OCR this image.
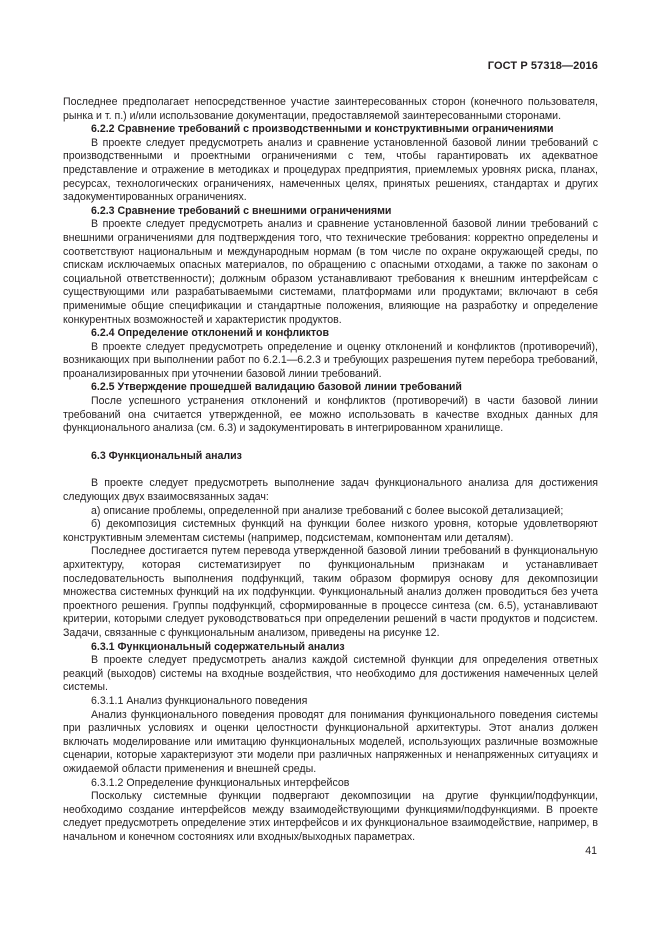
ГОСТ Р 57318—2016

Последнее предполагает непосредственное участие заинтересованных сторон (конечного пользователя, рынка и т. п.) и/или использование документации, предоставляемой заинтересованными сторонами.

6.2.2 Сравнение требований с производственными и конструктивными ограничениями

В проекте следует предусмотреть анализ и сравнение установленной базовой линии требований с производственными и проектными ограничениями с тем, чтобы гарантировать их адекватное представление и отражение в методиках и процедурах предприятия, приемлемых уровнях риска, планах, ресурсах, технологических ограничениях, намеченных целях, принятых решениях, стандартах и других задокументированных ограничениях.

6.2.3 Сравнение требований с внешними ограничениями

В проекте следует предусмотреть анализ и сравнение установленной базовой линии требований с внешними ограничениями для подтверждения того, что технические требования: корректно определены и соответствуют национальным и международным нормам (в том числе по охране окружающей среды, по спискам исключаемых опасных материалов, по обращению с опасными отходами, а также по законам о социальной ответственности); должным образом устанавливают требования к внешним интерфейсам с существующими или разрабатываемыми системами, платформами или продуктами; включают в себя применимые общие спецификации и стандартные положения, влияющие на разработку и определение конкурентных возможностей и характеристик продуктов.

6.2.4 Определение отклонений и конфликтов

В проекте следует предусмотреть определение и оценку отклонений и конфликтов (противоречий), возникающих при выполнении работ по 6.2.1—6.2.3 и требующих разрешения путем перебора требований, проанализированных при уточнении базовой линии требований.

6.2.5 Утверждение прошедшей валидацию базовой линии требований

После успешного устранения отклонений и конфликтов (противоречий) в части базовой линии требований она считается утвержденной, ее можно использовать в качестве входных данных для функционального анализа (см. 6.3) и задокументировать в интегрированном хранилище.

6.3 Функциональный анализ

В проекте следует предусмотреть выполнение задач функционального анализа для достижения следующих двух взаимосвязанных задач:

а) описание проблемы, определенной при анализе требований с более высокой детализацией;

б) декомпозиция системных функций на функции более низкого уровня, которые удовлетворяют конструктивным элементам системы (например, подсистемам, компонентам или деталям).

Последнее достигается путем перевода утвержденной базовой линии требований в функциональную архитектуру, которая систематизирует по функциональным признакам и устанавливает последовательность выполнения подфункций, таким образом формируя основу для декомпозиции множества системных функций на их подфункции. Функциональный анализ должен проводиться без учета проектного решения. Группы подфункций, сформированные в процессе синтеза (см. 6.5), устанавливают критерии, которыми следует руководствоваться при определении решений в части продуктов и подсистем. Задачи, связанные с функциональным анализом, приведены на рисунке 12.

6.3.1 Функциональный содержательный анализ

В проекте следует предусмотреть анализ каждой системной функции для определения ответных реакций (выходов) системы на входные воздействия, что необходимо для достижения намеченных целей системы.

6.3.1.1 Анализ функционального поведения

Анализ функционального поведения проводят для понимания функционального поведения системы при различных условиях и оценки целостности функциональной архитектуры. Этот анализ должен включать моделирование или имитацию функциональных моделей, использующих различные возможные сценарии, которые характеризуют эти модели при различных напряженных и ненапряженных ситуациях и ожидаемой области применения и внешней среды.

6.3.1.2 Определение функциональных интерфейсов

Поскольку системные функции подвергают декомпозиции на другие функции/подфункции, необходимо создание интерфейсов между взаимодействующими функциями/подфункциями. В проекте следует предусмотреть определение этих интерфейсов и их функциональное взаимодействие, например, в начальном и конечном состояниях или входных/выходных параметрах.

41
